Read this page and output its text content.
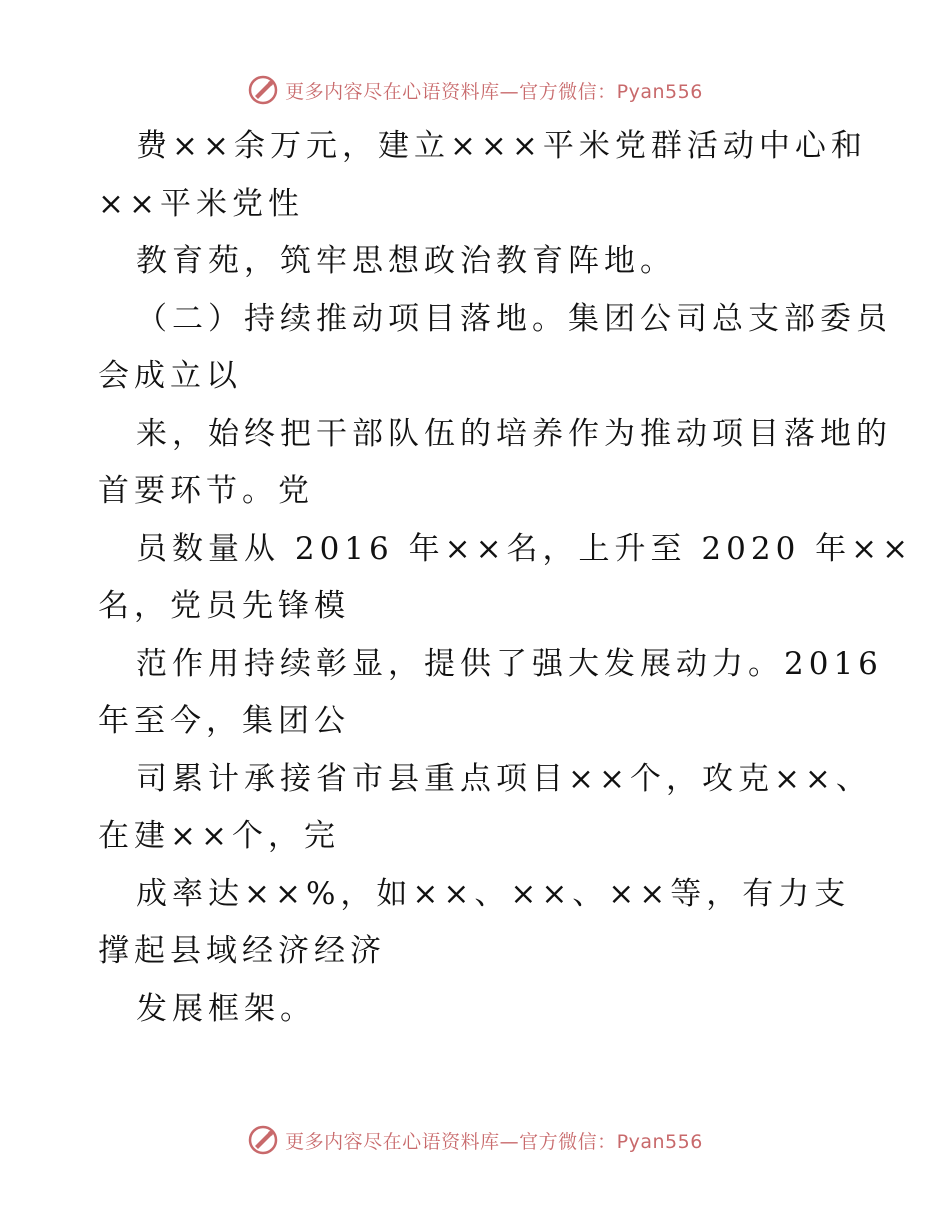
更多内容尽在心语资料库—官方微信：Pyan556
费××余万元，建立×××平米党群活动中心和
××平米党性
教育苑，筑牢思想政治教育阵地。
（二）持续推动项目落地。集团公司总支部委员
会成立以
来，始终把干部队伍的培养作为推动项目落地的
首要环节。党
员数量从 2016 年××名，上升至 2020 年××
名，党员先锋模
范作用持续彰显，提供了强大发展动力。2016
年至今，集团公
司累计承接省市县重点项目××个，攻克××、
在建××个，完
成率达××%，如××、××、××等，有力支
撑起县域经济经济
发展框架。
更多内容尽在心语资料库—官方微信：Pyan556
